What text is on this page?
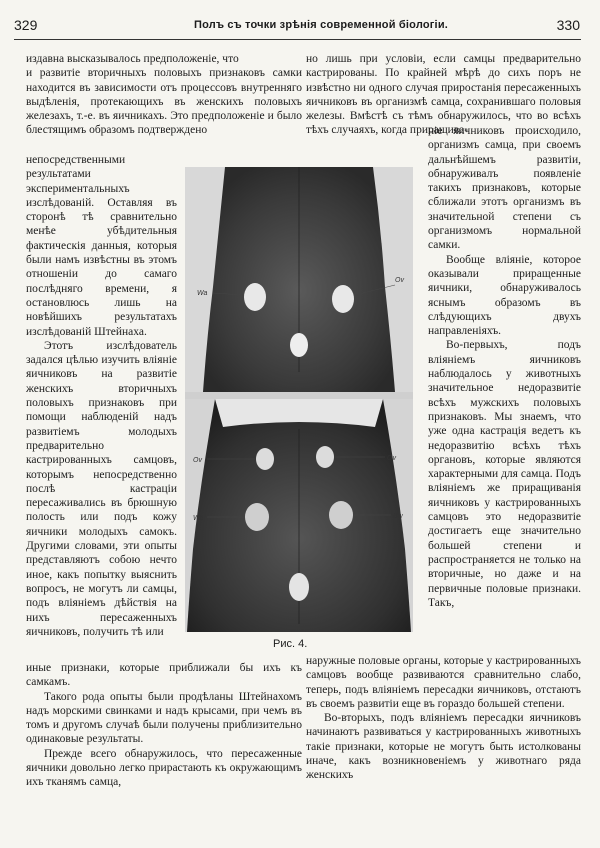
329	Полъ съ точки зрѣнія современной біологіи.	330

издавна высказывалось предположеніе, что

и развитіе вторичныхъ половыхъ признаковъ самки находится въ зависимости отъ процессовъ внутренняго выдѣленія, протекающихъ въ женскихъ половыхъ железахъ, т.-е. въ яичникахъ. Это предположеніе и было блестящимъ образомъ подтверждено

непосредственными результатами экспериментальныхъ изслѣдованій. Оставляя въ сторонѣ тѣ сравнительно менѣе убѣдительныя фактическія данныя, которыя были намъ извѣстны въ этомъ отношеніи до самаго послѣдняго времени, я остановлюсь лишь на новѣйшихъ результатахъ изслѣдованій Штейнаха.

Этотъ изслѣдователь задался цѣлью изучить вліяніе яичниковъ на развитіе женскихъ вторичныхъ половыхъ признаковъ при помощи наблюденій надъ развитіемъ молодыхъ предварительно кастрированныхъ самцовъ, которымъ непосредственно послѣ кастраціи пересаживались въ брюшную полость или подъ кожу яичники молодыхъ самокъ. Другими словами, эти опыты представляютъ собою нечто иное, какъ попытку выяснить вопросъ, не могутъ ли самцы, подъ вліяніемъ дѣйствія на нихъ пересаженныхъ яичниковъ, получить тѣ или

иные признаки, которые приближали бы ихъ къ самкамъ.

Такого рода опыты были продѣланы Штейнахомъ надъ морскими свинками и надъ крысами, при чемъ въ томъ и другомъ случаѣ были получены приблизительно одинаковые результаты.

Прежде всего обнаружилось, что пересаженные яичники довольно легко прирастають къ окружающимъ ихъ тканямъ самца,

но лишь при условіи, если самцы предварительно кастрированы. По крайней мѣрѣ до сихъ поръ не извѣстно ни одного случая приростанія пересаженныхъ яичниковъ въ организмѣ самца, сохранившаго половыя железы. Вмѣстѣ съ тѣмъ обнаружилось, что во всѣхъ тѣхъ случаяхъ, когда приращива-

ніе яичниковъ происходило, организмъ самца, при своемъ дальнѣйшемъ развитіи, обнаруживалъ появленіе такихъ признаковъ, которые сближали этотъ организмъ въ значительной степени съ организмомъ нормальной самки.

Вообще вліяніе, которое оказывали приращенные яичники, обнаруживалось яснымъ образомъ въ слѣдующихъ двухъ направленіяхъ.

Во-первыхъ, подъ вліяніемъ яичниковъ наблюдалось у животныхъ значительное недоразвитіе всѣхъ мужскихъ половыхъ признаковъ. Мы знаемъ, что уже одна кастрація ведетъ къ недоразвитію всѣхъ тѣхъ органовъ, которые являются характерными для самца. Подъ вліяніемъ же приращиванія яичниковъ у кастрированныхъ самцовъ это недоразвитіе достигаетъ еще значительно большей степени и распространяется не только на вторичные, но даже и на первичные половые признаки. Такъ,

наружные половые органы, которые у кастрированныхъ самцовъ вообще развиваются сравнительно слабо, теперь, подъ вліяніемъ пересадки яичниковъ, отстаютъ въ своемъ развитіи еще въ гораздо большей степени.

Во-вторыхъ, подъ вліяніемъ пересадки яичниковъ начинаютъ развиваться у кастрированныхъ животныхъ такіе признаки, которые не могутъ быть истолкованы иначе, какъ возникновеніемъ у животнаго ряда женскихъ

Wa
Ov
Ov	Ov
Wa	Bw
Рис. 4.
